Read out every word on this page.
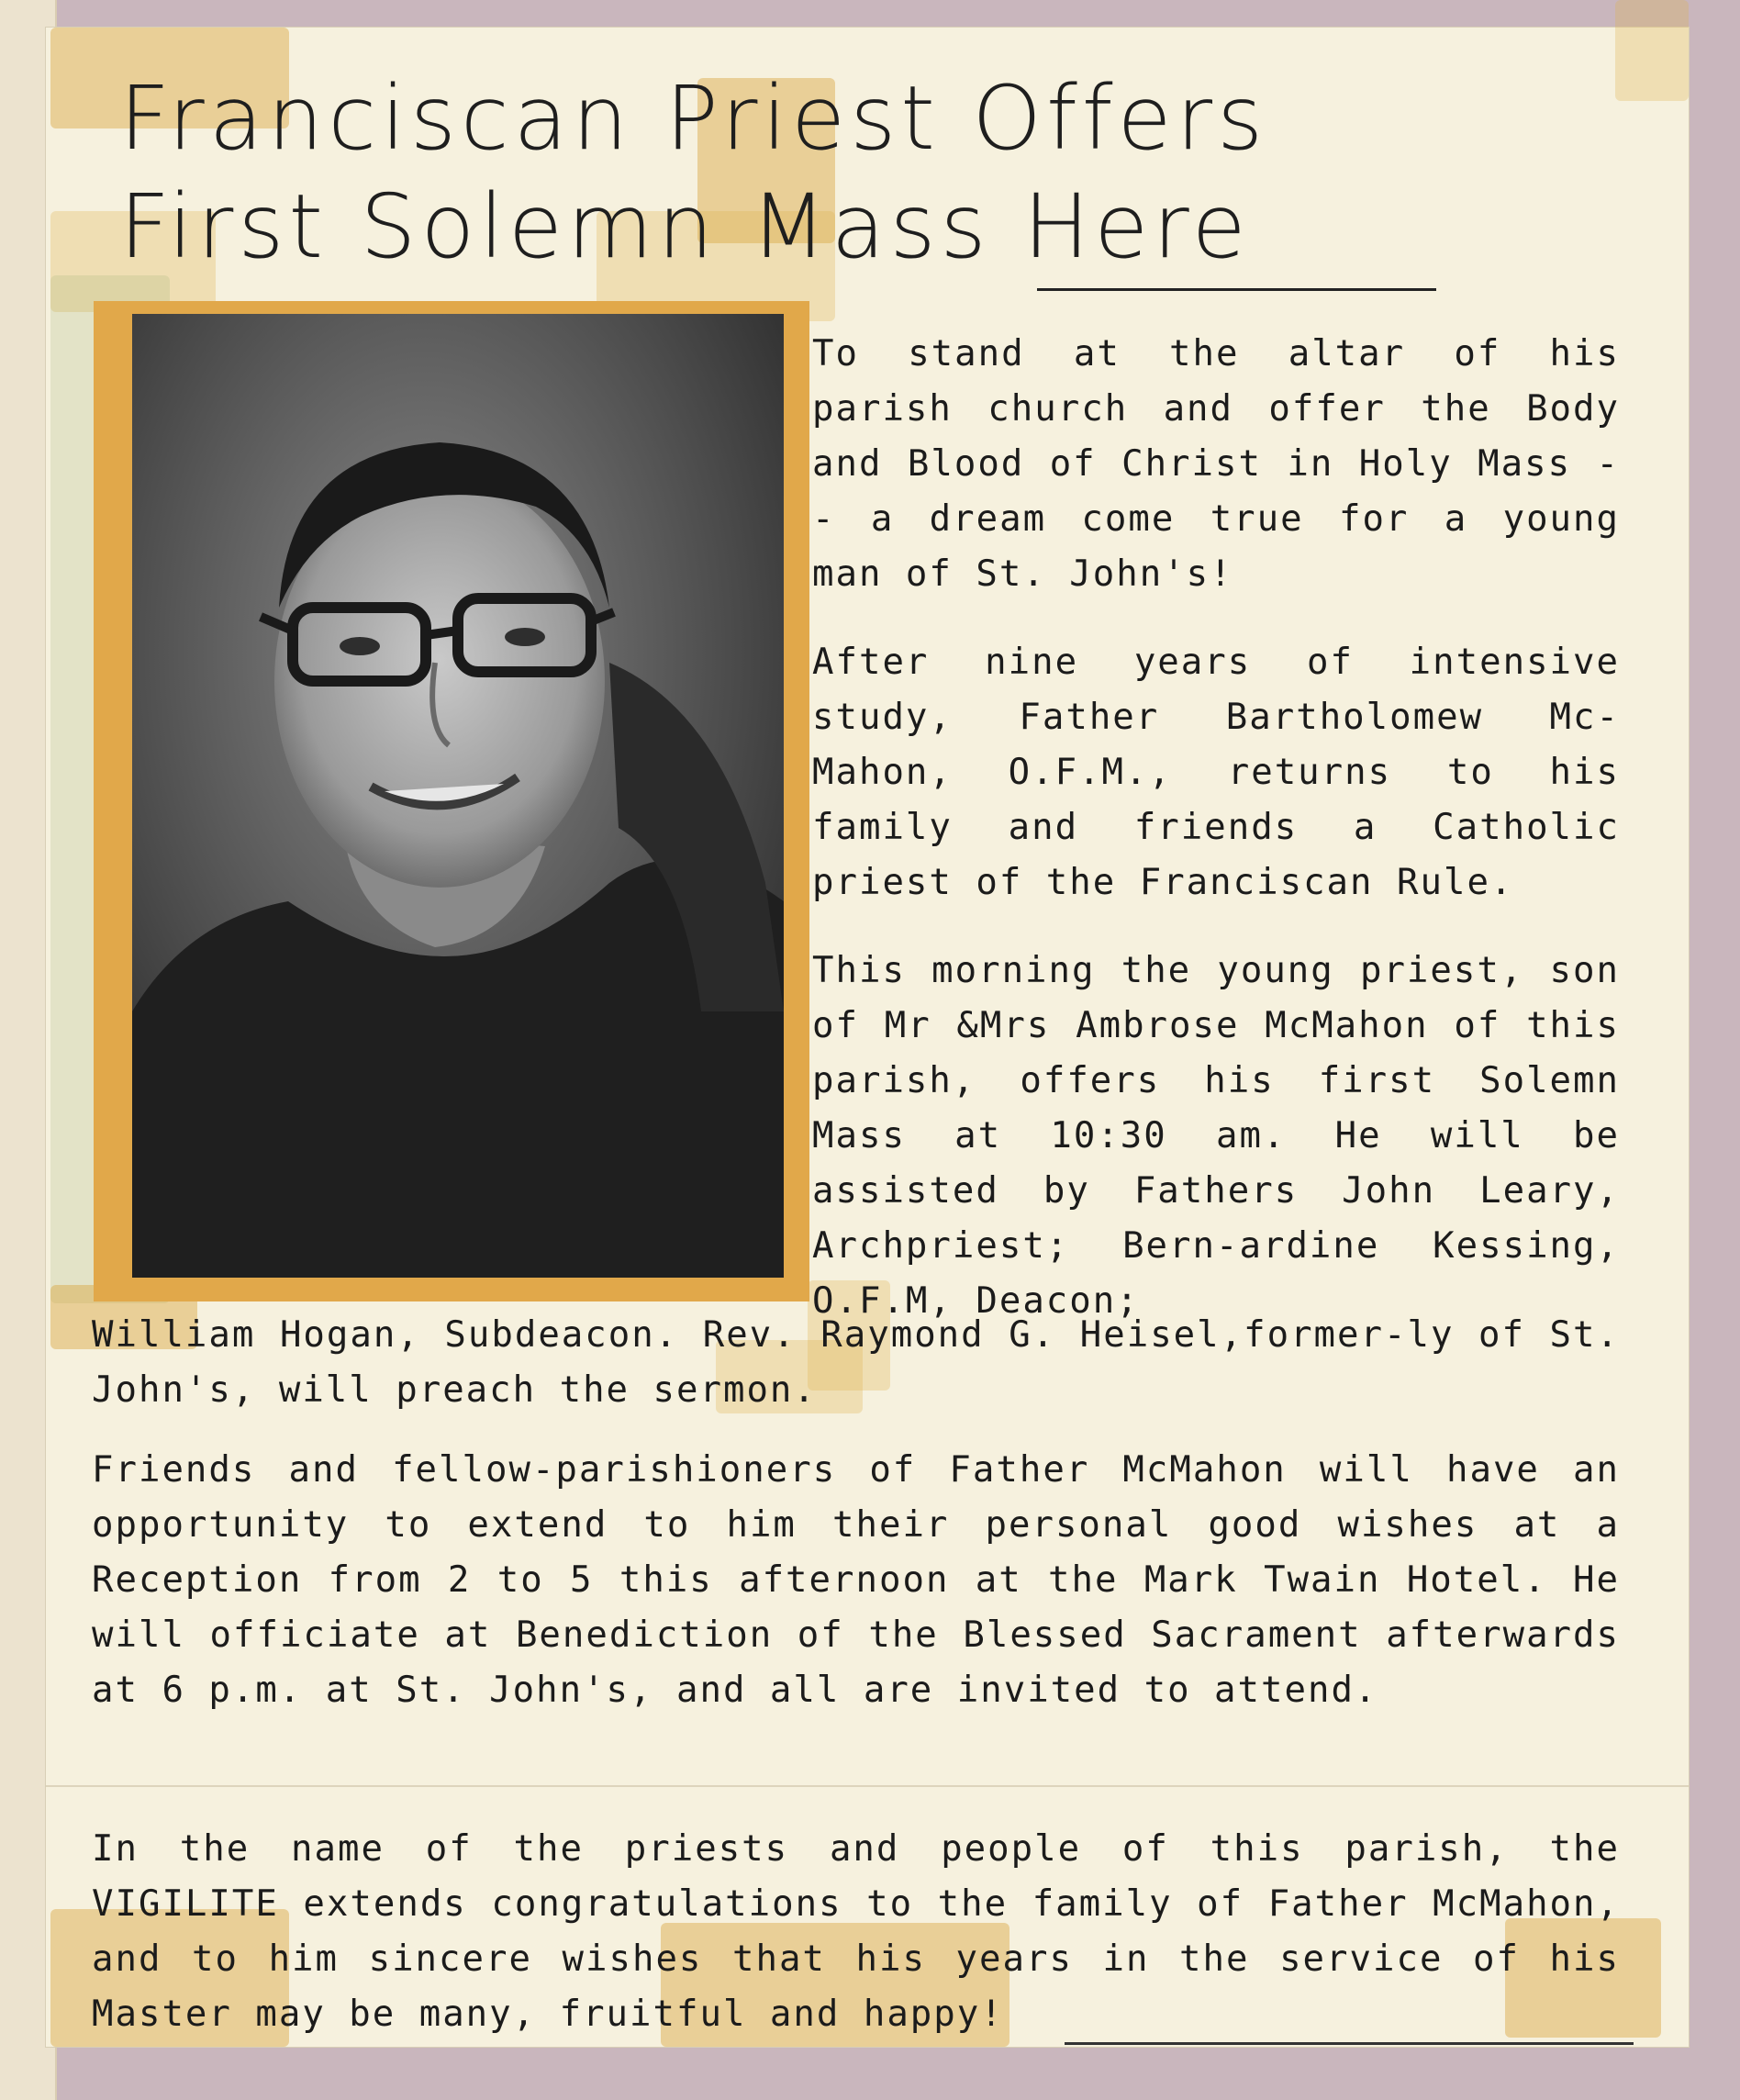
Franciscan Priest Offers
First Solemn Mass Here

To stand at the altar of his parish church and offer the Body and Blood of Christ in Holy Mass -- a dream come true for a young man of St. John's!

After nine years of intensive study, Father Bartholomew Mc-Mahon, O.F.M., returns to his family and friends a Catholic priest of the Franciscan Rule.

This morning the young priest, son of Mr &Mrs Ambrose McMahon of this parish, offers his first Solemn Mass at 10:30 am. He will be assisted by Fathers John Leary, Archpriest; Bern-ardine Kessing, O.F.M, Deacon;

William Hogan, Subdeacon. Rev. Raymond G. Heisel,former-ly of St. John's, will preach the sermon.

Friends and fellow-parishioners of Father McMahon will have an opportunity to extend to him their personal good wishes at a Reception from 2 to 5 this afternoon at the Mark Twain Hotel. He will officiate at Benediction of the Blessed Sacrament afterwards at 6 p.m. at St. John's, and all are invited to attend.

In the name of the priests and people of this parish, the VIGILITE extends congratulations to the family of Father McMahon, and to him sincere wishes that his years in the service of his Master may be many, fruitful and happy!
